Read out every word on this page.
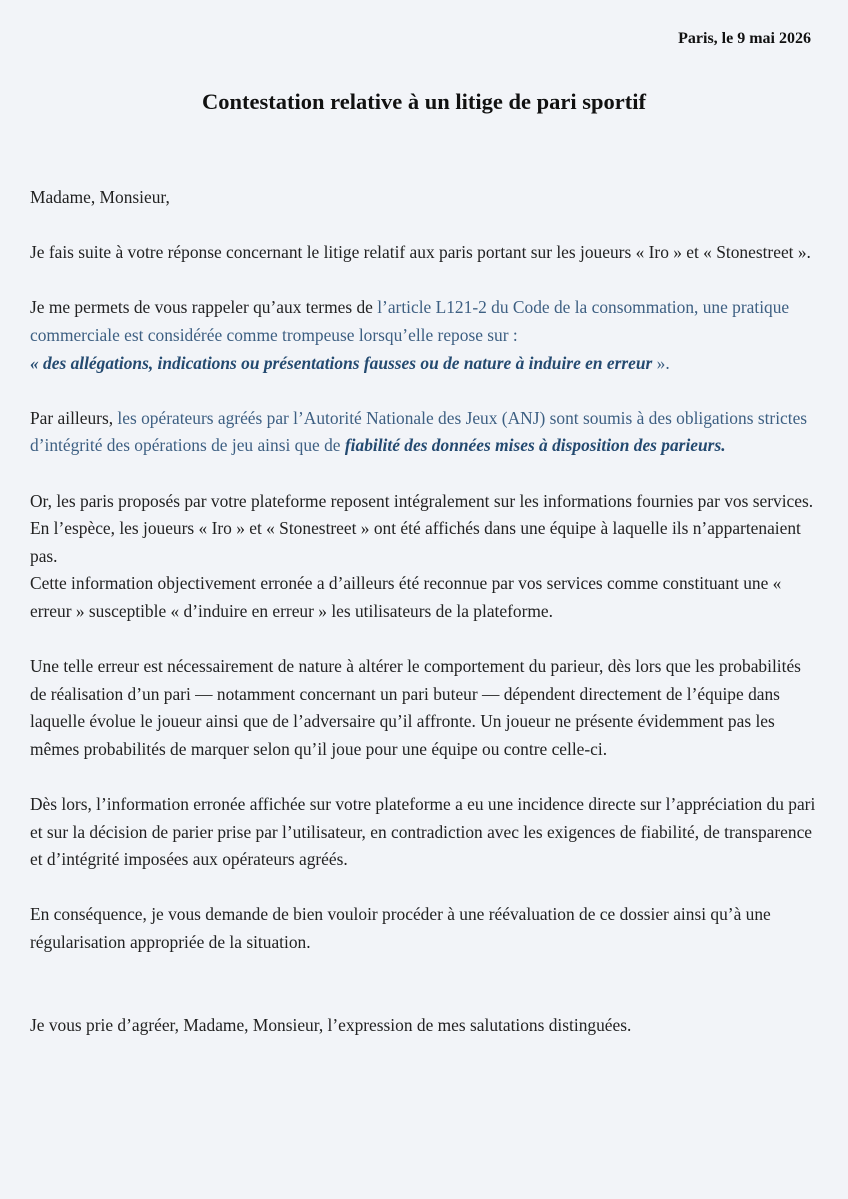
Paris, le 9 mai 2026
Contestation relative à un litige de pari sportif

Madame, Monsieur,

Je fais suite à votre réponse concernant le litige relatif aux paris portant sur les joueurs « Iro » et « Stonestreet ».

Je me permets de vous rappeler qu’aux termes de l’article L121-2 du Code de la consommation, une pratique commerciale est considérée comme trompeuse lorsqu’elle repose sur :
« des allégations, indications ou présentations fausses ou de nature à induire en erreur ».

Par ailleurs, les opérateurs agréés par l’Autorité Nationale des Jeux (ANJ) sont soumis à des obligations strictes d’intégrité des opérations de jeu ainsi que de fiabilité des données mises à disposition des parieurs.

Or, les paris proposés par votre plateforme reposent intégralement sur les informations fournies par vos services. En l’espèce, les joueurs « Iro » et « Stonestreet » ont été affichés dans une équipe à laquelle ils n’appartenaient pas.
Cette information objectivement erronée a d’ailleurs été reconnue par vos services comme constituant une « erreur » susceptible « d’induire en erreur » les utilisateurs de la plateforme.

Une telle erreur est nécessairement de nature à altérer le comportement du parieur, dès lors que les probabilités de réalisation d’un pari — notamment concernant un pari buteur — dépendent directement de l’équipe dans laquelle évolue le joueur ainsi que de l’adversaire qu’il affronte. Un joueur ne présente évidemment pas les mêmes probabilités de marquer selon qu’il joue pour une équipe ou contre celle-ci.

Dès lors, l’information erronée affichée sur votre plateforme a eu une incidence directe sur l’appréciation du pari et sur la décision de parier prise par l’utilisateur, en contradiction avec les exigences de fiabilité, de transparence et d’intégrité imposées aux opérateurs agréés.

En conséquence, je vous demande de bien vouloir procéder à une réévaluation de ce dossier ainsi qu’à une régularisation appropriée de la situation.

Je vous prie d’agréer, Madame, Monsieur, l’expression de mes salutations distinguées.
